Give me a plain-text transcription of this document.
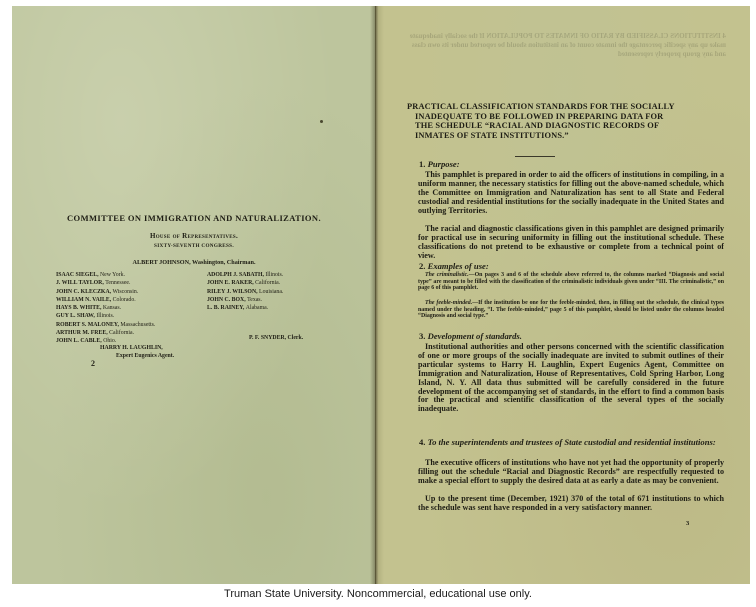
COMMITTEE ON IMMIGRATION AND NATURALIZATION.
House of Representatives.
SIXTY-SEVENTH CONGRESS.
ALBERT JOHNSON, Washington, Chairman.
ISAAC SIEGEL, New York.
J. WILL TAYLOR, Tennessee.
JOHN C. KLECZKA, Wisconsin.
WILLIAM N. VAILE, Colorado.
HAYS B. WHITE, Kansas.
GUY L. SHAW, Illinois.
ROBERT S. MALONEY, Massachusetts.
ARTHUR M. FREE, California.
JOHN L. CABLE, Ohio.
ADOLPH J. SABATH, Illinois.
JOHN E. RAKER, California.
RILEY J. WILSON, Louisiana.
JOHN C. BOX, Texas.
L. B. RAINEY, Alabama.
P. F. SNYDER, Clerk.
HARRY H. LAUGHLIN,
Expert Eugenics Agent.
2
4 INSTITUTIONS CLASSIFIED BY RATIO OF INMATES TO POPULATION If the socially inadequate make up any specific percentage the inmate count of an institution should be reported under its own class and any group properly represented
PRACTICAL CLASSIFICATION STANDARDS FOR THE SOCIALLY
INADEQUATE TO BE FOLLOWED IN PREPARING DATA FOR
THE SCHEDULE “RACIAL AND DIAGNOSTIC RECORDS OF
INMATES OF STATE INSTITUTIONS.”
1. Purpose:
This pamphlet is prepared in order to aid the officers of institutions in compiling, in a uniform manner, the necessary statistics for filling out the above-named schedule, which the Committee on Immigration and Naturalization has sent to all State and Federal custodial and residential institutions for the socially inadequate in the United States and outlying Territories.
The racial and diagnostic classifications given in this pamphlet are designed primarily for practical use in securing uniformity in filling out the institutional schedule. These classifications do not pretend to be exhaustive or complete from a technical point of view.
2. Examples of use:
The criminalistic.—On pages 3 and 6 of the schedule above referred to, the columns marked “Diagnosis and social type” are meant to be filled with the classification of the criminalistic individuals given under “III. The criminalistic,” on page 6 of this pamphlet.
The feeble-minded.—If the institution be one for the feeble-minded, then, in filling out the schedule, the clinical types named under the heading, “I. The feeble-minded,” page 5 of this pamphlet, should be listed under the columns headed “Diagnosis and social type.”
3. Development of standards.
Institutional authorities and other persons concerned with the scientific classification of one or more groups of the socially inadequate are invited to submit outlines of their particular systems to Harry H. Laughlin, Expert Eugenics Agent, Committee on Immigration and Naturalization, House of Representatives, Cold Spring Harbor, Long Island, N. Y. All data thus submitted will be carefully considered in the future development of the accompanying set of standards, in the effort to find a common basis for the practical and scientific classification of the several types of the socially inadequate.
4. To the superintendents and trustees of State custodial and residential institutions:
The executive officers of institutions who have not yet had the opportunity of properly filling out the schedule “Racial and Diagnostic Records” are respectfully requested to make a special effort to supply the desired data at as early a date as may be convenient.
Up to the present time (December, 1921) 370 of the total of 671 institutions to which the schedule was sent have responded in a very satisfactory manner.
3
Truman State University. Noncommercial, educational use only.
